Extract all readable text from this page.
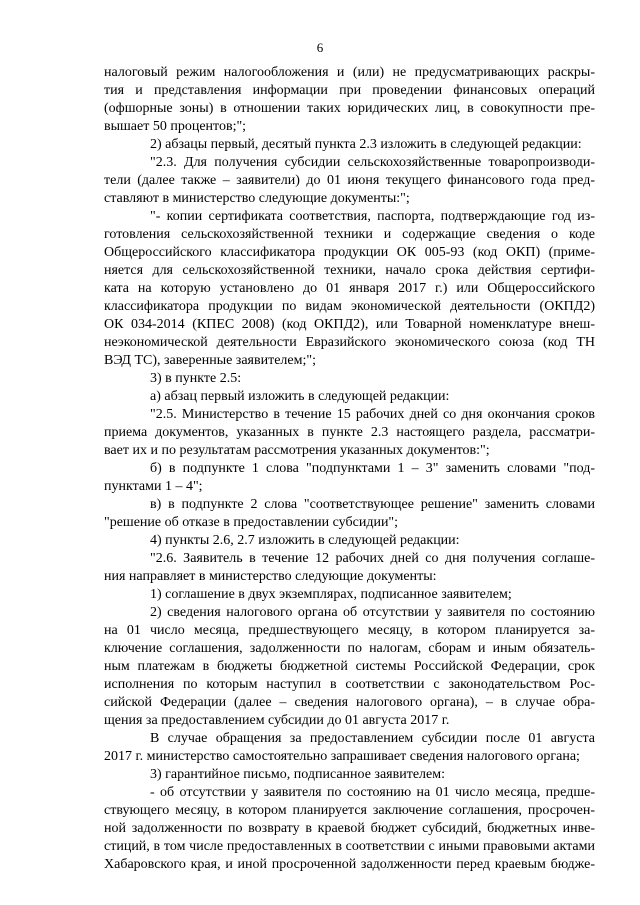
6
налоговый режим налогообложения и (или) не предусматривающих раскры-
тия и представления информации при проведении финансовых операций
(офшорные зоны) в отношении таких юридических лиц, в совокупности пре-
вышает 50 процентов;";
2) абзацы первый, десятый пункта 2.3 изложить в следующей редакции:
"2.3. Для получения субсидии сельскохозяйственные товаропроизводи-
тели (далее также – заявители) до 01 июня текущего финансового года пред-
ставляют в министерство следующие документы:";
"- копии сертификата соответствия, паспорта, подтверждающие год из-
готовления сельскохозяйственной техники и содержащие сведения о коде
Общероссийского классификатора продукции ОК 005-93 (код ОКП) (приме-
няется для сельскохозяйственной техники, начало срока действия сертифи-
ката на которую установлено до 01 января 2017 г.) или Общероссийского
классификатора продукции по видам экономической деятельности (ОКПД2)
ОК 034-2014 (КПЕС 2008) (код ОКПД2), или Товарной номенклатуре внеш-
неэкономической деятельности Евразийского экономического союза (код ТН
ВЭД ТС), заверенные заявителем;";
3) в пункте 2.5:
а) абзац первый изложить в следующей редакции:
"2.5. Министерство в течение 15 рабочих дней со дня окончания сроков
приема документов, указанных в пункте 2.3 настоящего раздела, рассматри-
вает их и по результатам рассмотрения указанных документов:";
б) в подпункте 1 слова "подпунктами 1 – 3" заменить словами "под-
пунктами 1 – 4";
в) в подпункте 2 слова "соответствующее решение" заменить словами
"решение об отказе в предоставлении субсидии";
4) пункты 2.6, 2.7 изложить в следующей редакции:
"2.6. Заявитель в течение 12 рабочих дней со дня получения соглаше-
ния направляет в министерство следующие документы:
1) соглашение в двух экземплярах, подписанное заявителем;
2) сведения налогового органа об отсутствии у заявителя по состоянию
на 01 число месяца, предшествующего месяцу, в котором планируется за-
ключение соглашения, задолженности по налогам, сборам и иным обязатель-
ным платежам в бюджеты бюджетной системы Российской Федерации, срок
исполнения по которым наступил в соответствии с законодательством Рос-
сийской Федерации (далее – сведения налогового органа), – в случае обра-
щения за предоставлением субсидии до 01 августа 2017 г.
В случае обращения за предоставлением субсидии после 01 августа
2017 г. министерство самостоятельно запрашивает сведения налогового органа;
3) гарантийное письмо, подписанное заявителем:
- об отсутствии у заявителя по состоянию на 01 число месяца, предше-
ствующего месяцу, в котором планируется заключение соглашения, просрочен-
ной задолженности по возврату в краевой бюджет субсидий, бюджетных инве-
стиций, в том числе предоставленных в соответствии с иными правовыми актами
Хабаровского края, и иной просроченной задолженности перед краевым бюдже-
